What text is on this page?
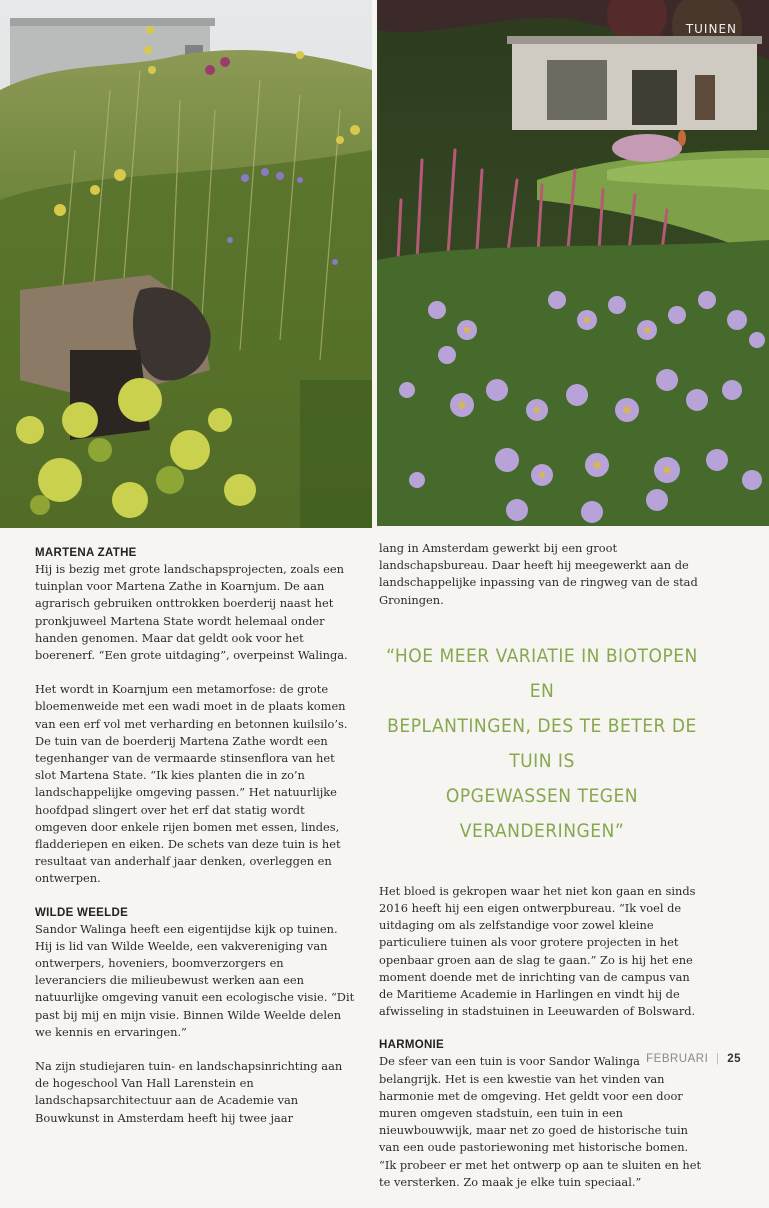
TUINEN
MARTENA ZATHE

Hij is bezig met grote landschapsprojecten, zoals een tuinplan voor Martena Zathe in Koarnjum. De aan agrarisch gebruiken onttrokken boerderij naast het pronkjuweel Martena State wordt helemaal onder handen genomen. Maar dat geldt ook voor het boerenerf. “Een grote uitdaging”, overpeinst Walinga.

Het wordt in Koarnjum een metamorfose: de grote bloemenweide met een wadi moet in de plaats komen van een erf vol met verharding en betonnen kuilsilo’s. De tuin van de boerderij Martena Zathe wordt een tegenhanger van de vermaarde stinsenflora van het slot Martena State. “Ik kies planten die in zo’n landschappelijke omgeving passen.” Het natuurlijke hoofdpad slingert over het erf dat statig wordt omgeven door enkele rijen bomen met essen, lindes, fladderiepen en eiken. De schets van deze tuin is het resultaat van anderhalf jaar denken, overleggen en ontwerpen.

WILDE WEELDE

Sandor Walinga heeft een eigentijdse kijk op tuinen. Hij is lid van Wilde Weelde, een vakvereniging van ontwerpers, hoveniers, boomverzorgers en leveranciers die milieubewust werken aan een natuurlijke omgeving vanuit een ecologische visie. “Dit past bij mij en mijn visie. Binnen Wilde Weelde delen we kennis en ervaringen.”

Na zijn studiejaren tuin- en landschapsinrichting aan de hogeschool Van Hall Larenstein en landschapsarchitectuur aan de Academie van Bouwkunst in Amsterdam heeft hij twee jaar

lang in Amsterdam gewerkt bij een groot landschapsbureau. Daar heeft hij meegewerkt aan de landschappelijke inpassing van de ringweg van de stad Groningen.

“HOE MEER VARIATIE IN BIOTOPEN EN
BEPLANTINGEN, DES TE BETER DE TUIN IS
OPGEWASSEN TEGEN VERANDERINGEN”

Het bloed is gekropen waar het niet kon gaan en sinds 2016 heeft hij een eigen ontwerpbureau. “Ik voel de uitdaging om als zelfstandige voor zowel kleine particuliere tuinen als voor grotere projecten in het openbaar groen aan de slag te gaan.” Zo is hij het ene moment doende met de inrichting van de campus van de Maritieme Academie in Harlingen en vindt hij de afwisseling in stadstuinen in Leeuwarden of Bolsward.

HARMONIE

De sfeer van een tuin is voor Sandor Walinga belangrijk. Het is een kwestie van het vinden van harmonie met de omgeving. Het geldt voor een door muren omgeven stadstuin, een tuin in een nieuwbouwwijk, maar net zo goed de historische tuin van een oude pastoriewoning met historische bomen. “Ik probeer er met het ontwerp op aan te sluiten en het te versterken. Zo maak je elke tuin speciaal.”

FEBRUARI | 25
